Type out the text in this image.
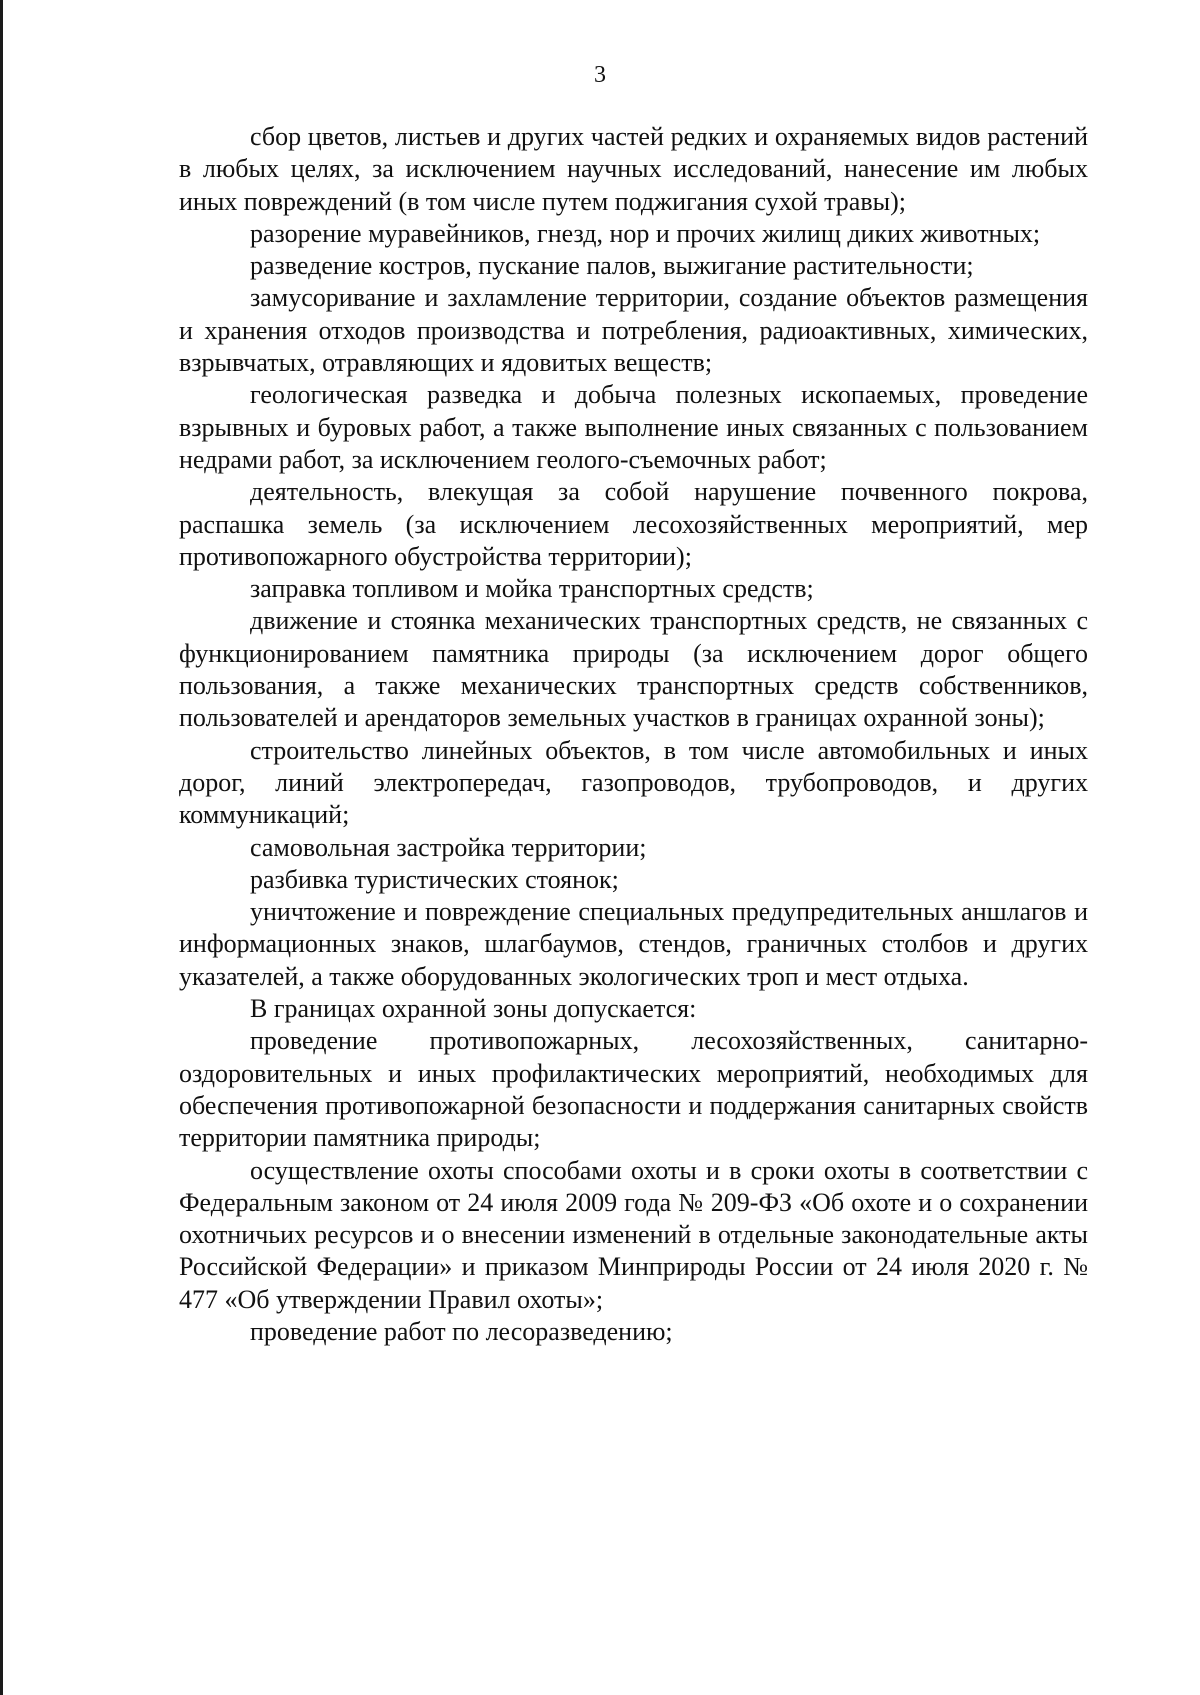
3

сбор цветов, листьев и других частей редких и охраняемых видов растений в любых целях, за исключением научных исследований, нанесение им любых иных повреждений (в том числе путем поджигания сухой травы);

разорение муравейников, гнезд, нор и прочих жилищ диких животных;

разведение костров, пускание палов, выжигание растительности;

замусоривание и захламление территории, создание объектов размещения и хранения отходов производства и потребления, радиоактивных, химических, взрывчатых, отравляющих и ядовитых веществ;

геологическая разведка и добыча полезных ископаемых, проведение взрывных и буровых работ, а также выполнение иных связанных с пользованием недрами работ, за исключением геолого-съемочных работ;

деятельность, влекущая за собой нарушение почвенного покрова, распашка земель (за исключением лесохозяйственных мероприятий, мер противопожарного обустройства территории);

заправка топливом и мойка транспортных средств;

движение и стоянка механических транспортных средств, не связанных с функционированием памятника природы (за исключением дорог общего пользования, а также механических транспортных средств собственников, пользователей и арендаторов земельных участков в границах охранной зоны);

строительство линейных объектов, в том числе автомобильных и иных дорог, линий электропередач, газопроводов, трубопроводов, и других коммуникаций;

самовольная застройка территории;

разбивка туристических стоянок;

уничтожение и повреждение специальных предупредительных аншлагов и информационных знаков, шлагбаумов, стендов, граничных столбов и других указателей, а также оборудованных экологических троп и мест отдыха.

В границах охранной зоны допускается:

проведение противопожарных, лесохозяйственных, санитарно-оздоровительных и иных профилактических мероприятий, необходимых для обеспечения противопожарной безопасности и поддержания санитарных свойств территории памятника природы;

осуществление охоты способами охоты и в сроки охоты в соответствии с Федеральным законом от 24 июля 2009 года № 209-ФЗ «Об охоте и о сохранении охотничьих ресурсов и о внесении изменений в отдельные законодательные акты Российской Федерации» и приказом Минприроды России от 24 июля 2020 г. № 477 «Об утверждении Правил охоты»;

проведение работ по лесоразведению;
